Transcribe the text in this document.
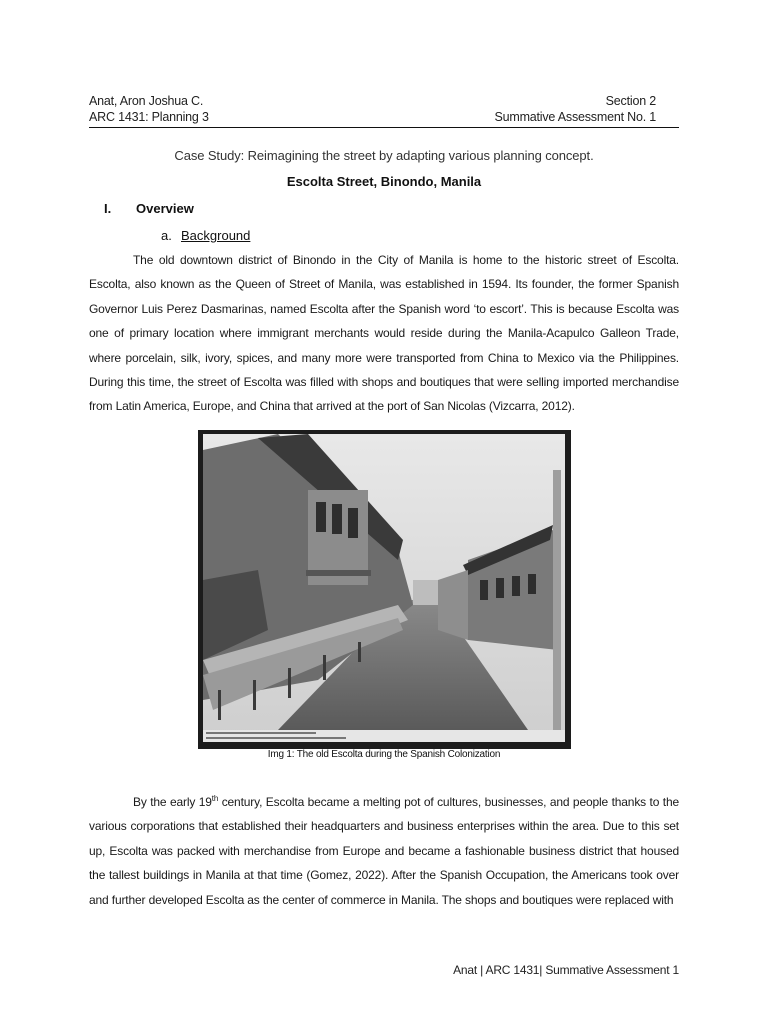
Anat, Aron Joshua C.
ARC 1431: Planning 3
Section 2
Summative Assessment No. 1
Case Study: Reimagining the street by adapting various planning concept.
Escolta Street, Binondo, Manila
I. Overview
a. Background

The old downtown district of Binondo in the City of Manila is home to the historic street of Escolta. Escolta, also known as the Queen of Street of Manila, was established in 1594. Its founder, the former Spanish Governor Luis Perez Dasmarinas, named Escolta after the Spanish word ‘to escort’. This is because Escolta was one of primary location where immigrant merchants would reside during the Manila-Acapulco Galleon Trade, where porcelain, silk, ivory, spices, and many more were transported from China to Mexico via the Philippines. During this time, the street of Escolta was filled with shops and boutiques that were selling imported merchandise from Latin America, Europe, and China that arrived at the port of San Nicolas (Vizcarra, 2012).

Img 1: The old Escolta during the Spanish Colonization

By the early 19th century, Escolta became a melting pot of cultures, businesses, and people thanks to the various corporations that established their headquarters and business enterprises within the area. Due to this set up, Escolta was packed with merchandise from Europe and became a fashionable business district that housed the tallest buildings in Manila at that time (Gomez, 2022). After the Spanish Occupation, the Americans took over and further developed Escolta as the center of commerce in Manila. The shops and boutiques were replaced with

Anat | ARC 1431| Summative Assessment 1
